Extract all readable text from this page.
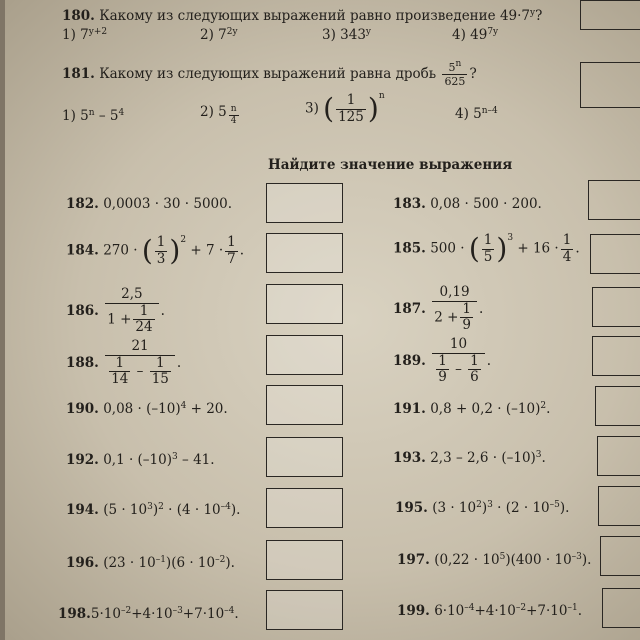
180. Какому из следующих выражений равно произведение $49\cdot 7^y$?
1) $7^{y+2}$	2) $7^{2y}$	3) 343$^y$	4) $49^{7y}$
181. Какому из следующих выражений равна дробь $\frac{5^n}{625}$ ?
1) $5^n - 5^4$	2) $5 \frac{n}{4}$	3) ( $\frac{1}{125} )^n$
4) 5$^{n-4}$
Найдите значение выражения
182. 0,0003 · 30 · 5000.	183. 0,08 · 500 · 200.
184. 270 · ( $\frac{1}{3} )^2 + 7 \cdot \frac{1}{7}$ .	185. 500 · ( $\frac{1}{5} )^3 + 16 \cdot \frac{1}{4}$ .
186. $\frac{2,5}{1 + \frac{1}{24}}$ .	187. $\frac{0,19}{2 + \frac{1}{9}}$ .
188. $\frac{21}{\frac{1}{14} - \frac{1}{15}}$ .	189. $\frac{10}{\frac{1}{9} - \frac{1}{6}}$ .
190. $0,08 \cdot (-10)^4 + 20$.	191. $0,8 + 0,2 \cdot (-10)^2$.
192. $0,1 \cdot (-10)^3 - 41$.	193. $2,3 - 2,6 \cdot (-10)^3$.
194. $(5 \cdot 10^3)^2 \cdot (4 \cdot 10^{-4})$.	195. $(3 \cdot 10^2)^3 \cdot (2 \cdot 10^{-5})$.
196. $(23 \cdot 10^{-1})(6 \cdot 10^{-2})$.	197. $(0,22 \cdot 10^5)(400 \cdot 10^{-3})$.
$198.5\cdot 10^{-2}+4\cdot 10^{-3}+7\cdot 10^{-4}$.	199. $6\cdot 10^{-4}+4\cdot 10^{-2}+7\cdot 10^{-1}$.
